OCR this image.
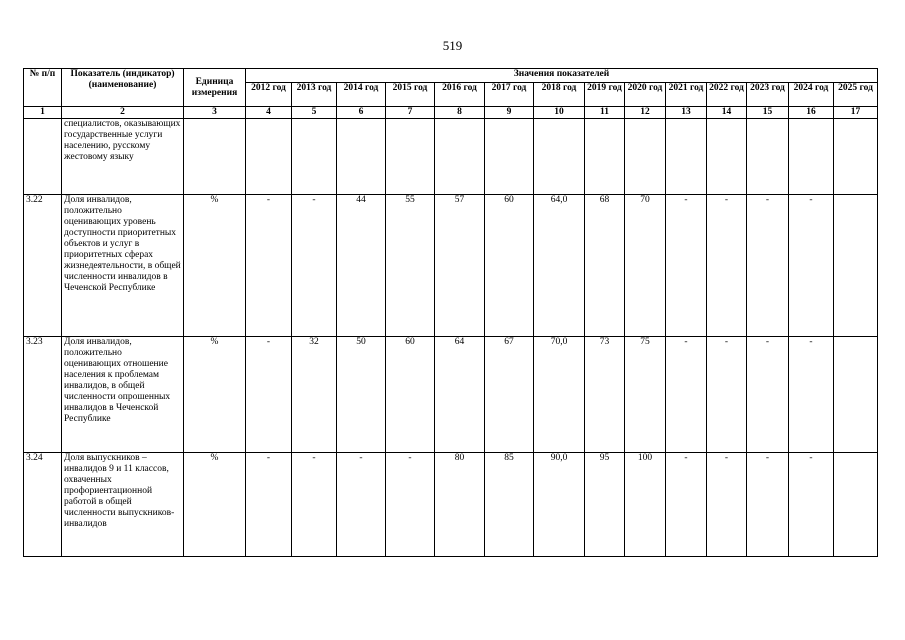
519
№ п/п	Показатель (индикатор) (наименование)	Единица измерения	Значения показателей													
			2012 год	2013 год	2014 год	2015 год	2016 год	2017 год	2018 год	2019 год	2020 год	2021 год	2022 год	2023 год	2024 год	2025 год
1	2	3	4	5	6	7	8	9	10	11	12	13	14	15	16	17
	специалистов, оказывающих государственные услуги населению, русскому жестовому языку															
3.22	Доля инвалидов, положительно оценивающих уровень доступности приоритетных объектов и услуг в приоритетных сферах жизнедеятельности, в общей численности инвалидов в Чеченской Республике	%	-	-	44	55	57	60	64,0	68	70	-	-	-	-	
3.23	Доля инвалидов, положительно оценивающих отношение населения к проблемам инвалидов, в общей численности опрошенных инвалидов в Чеченской Республике	%	-	32	50	60	64	67	70,0	73	75	-	-	-	-	
3.24	Доля выпускников – инвалидов 9 и 11 классов, охваченных профориентационной работой в общей численности выпускников-инвалидов	%	-	-	-	-	80	85	90,0	95	100	-	-	-	-	
